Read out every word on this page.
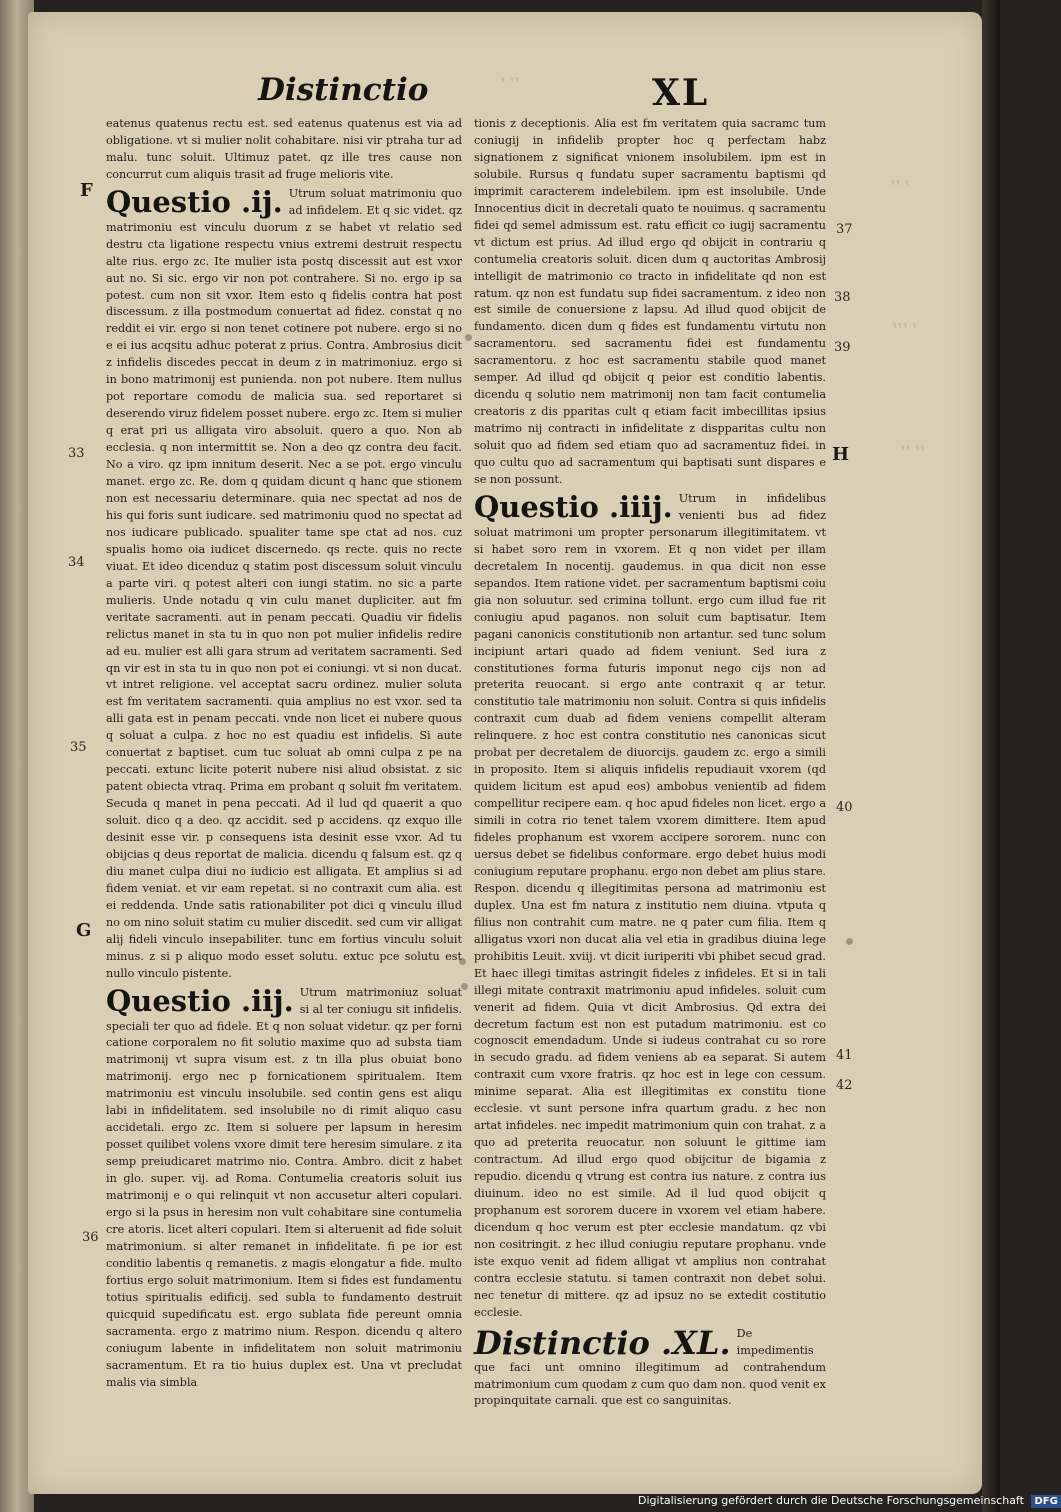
ꝛ ꝛꝛ
ꝛꝛ ꝛ
ꝛꝛꝛ ꝛ
ꝛꝛ ꝛꝛ
Distinctio	XL
F
33
34
35
G
36
37
38
39
H
40
41
42

eatenus quatenus rectu est. sed eatenus quatenus est via ad obligatione. vt si mulier nolit cohabitare. nisi vir ptraha tur ad malu. tunc soluit. Ultimuz patet. qz ille tres cause non concurrut cum aliquis trasit ad fruge melioris vite.

Questio .ij. Utrum soluat matrimoniu quo ad infidelem. Et q sic videt. qz matrimoniu est vinculu duorum z se habet vt relatio sed destru cta ligatione respectu vnius extremi destruit respectu alte rius. ergo zc. Ite mulier ista postq discessit aut est vxor aut no. Si sic. ergo vir non pot contrahere. Si no. ergo ip sa potest. cum non sit vxor. Item esto q fidelis contra hat post discessum. z illa postmodum conuertat ad fidez. constat q no reddit ei vir. ergo si non tenet cotinere pot nubere. ergo si no e ei ius acqsitu adhuc poterat z prius. Contra. Ambrosius dicit z infidelis discedes peccat in deum z in matrimoniuz. ergo si in bono matrimonij est punienda. non pot nubere. Item nullus pot reportare comodu de malicia sua. sed reportaret si deserendo viruz fidelem posset nubere. ergo zc. Item si mulier q erat pri us alligata viro absoluit. quero a quo. Non ab ecclesia. q non intermittit se. Non a deo qz contra deu facit. No a viro. qz ipm innitum deserit. Nec a se pot. ergo vinculu manet. ergo zc. Re. dom q quidam dicunt q hanc que stionem non est necessariu determinare. quia nec spectat ad nos de his qui foris sunt iudicare. sed matrimoniu quod no spectat ad nos iudicare publicado. spualiter tame spe ctat ad nos. cuz spualis homo oia iudicet discernedo. qs recte. quis no recte viuat. Et ideo dicenduz q statim post discessum soluit vinculu a parte viri. q potest alteri con iungi statim. no sic a parte mulieris. Unde notadu q vin culu manet dupliciter. aut fm veritate sacramenti. aut in penam peccati. Quadiu vir fidelis relictus manet in sta tu in quo non pot mulier infidelis redire ad eu. mulier est alli gara strum ad veritatem sacramenti. Sed qn vir est in sta tu in quo non pot ei coniungi. vt si non ducat. vt intret religione. vel acceptat sacru ordinez. mulier soluta est fm veritatem sacramenti. quia amplius no est vxor. sed ta alli gata est in penam peccati. vnde non licet ei nubere quous q soluat a culpa. z hoc no est quadiu est infidelis. Si aute conuertat z baptiset. cum tuc soluat ab omni culpa z pe na peccati. extunc licite poterit nubere nisi aliud obsistat. z sic patent obiecta vtraq. Prima em probant q soluit fm veritatem. Secuda q manet in pena peccati. Ad il lud qd quaerit a quo soluit. dico q a deo. qz accidit. sed p accidens. qz exquo ille desinit esse vir. p consequens ista desinit esse vxor. Ad tu obijcias q deus reportat de malicia. dicendu q falsum est. qz q diu manet culpa diui no iudicio est alligata. Et amplius si ad fidem veniat. et vir eam repetat. si no contraxit cum alia. est ei reddenda. Unde satis rationabiliter pot dici q vinculu illud no om nino soluit statim cu mulier discedit. sed cum vir alligat alij fideli vinculo insepabiliter. tunc em fortius vinculu soluit minus. z si p aliquo modo esset solutu. extuc pce solutu est nullo vinculo pistente.
Questio .iij. Utrum matrimoniuz soluat si al ter coniugu sit infidelis. speciali ter quo ad fidele. Et q non soluat videtur. qz per forni catione corporalem no fit solutio maxime quo ad substa tiam matrimonij vt supra visum est. z tn illa plus obuiat bono matrimonij. ergo nec p fornicationem spiritualem. Item matrimoniu est vinculu insolubile. sed contin gens est aliqu labi in infidelitatem. sed insolubile no di rimit aliquo casu accidetali. ergo zc. Item si soluere per lapsum in heresim posset quilibet volens vxore dimit tere heresim simulare. z ita semp preiudicaret matrimo nio. Contra. Ambro. dicit z habet in glo. super. vij. ad Roma. Contumelia creatoris soluit ius matrimonij e o qui relinquit vt non accusetur alteri copulari. ergo si la psus in heresim non vult cohabitare sine contumelia cre atoris. licet alteri copulari. Item si alteruenit ad fide soluit matrimonium. si alter remanet in infidelitate. fi pe ior est conditio labentis q remanetis. z magis elongatur a fide. multo fortius ergo soluit matrimonium. Item si fides est fundamentu totius spiritualis edificij. sed subla to fundamento destruit quicquid supedificatu est. ergo sublata fide pereunt omnia sacramenta. ergo z matrimo nium. Respon. dicendu q altero coniugum labente in infidelitatem non soluit matrimoniu sacramentum. Et ra tio huius duplex est. Una vt precludat malis via simbla

tionis z deceptionis. Alia est fm veritatem quia sacramc tum coniugij in infidelib propter hoc q perfectam habz signationem z significat vnionem insolubilem. ipm est in solubile. Rursus q fundatu super sacramentu baptismi qd imprimit caracterem indelebilem. ipm est insolubile. Unde Innocentius dicit in decretali quato te nouimus. q sacramentu fidei qd semel admissum est. ratu efficit co iugij sacramentu vt dictum est prius. Ad illud ergo qd obijcit in contrariu q contumelia creatoris soluit. dicen dum q auctoritas Ambrosij intelligit de matrimonio co tracto in infidelitate qd non est ratum. qz non est fundatu sup fidei sacramentum. z ideo non est simile de conuersione z lapsu. Ad illud quod obijcit de fundamento. dicen dum q fides est fundamentu virtutu non sacramentoru. sed sacramentu fidei est fundamentu sacramentoru. z hoc est sacramentu stabile quod manet semper. Ad illud qd obijcit q peior est conditio labentis. dicendu q solutio nem matrimonij non tam facit contumelia creatoris z dis pparitas cult q etiam facit imbecillitas ipsius matrimo nij contracti in infidelitate z dispparitas cultu non soluit quo ad fidem sed etiam quo ad sacramentuz fidei. in quo cultu quo ad sacramentum qui baptisati sunt dispares e se non possunt.

Questio .iiij. Utrum in infidelibus venienti bus ad fidez soluat matrimoni um propter personarum illegitimitatem. vt si habet soro rem in vxorem. Et q non videt per illam decretalem In nocentij. gaudemus. in qua dicit non esse sepandos. Item ratione videt. per sacramentum baptismi coiu gia non soluutur. sed crimina tollunt. ergo cum illud fue rit coniugiu apud paganos. non soluit cum baptisatur. Item pagani canonicis constitutionib non artantur. sed tunc solum incipiunt artari quado ad fidem veniunt. Sed iura z constitutiones forma futuris imponut nego cijs non ad preterita reuocant. si ergo ante contraxit q ar tetur. constitutio tale matrimoniu non soluit. Contra si quis infidelis contraxit cum duab ad fidem veniens compellit alteram relinquere. z hoc est contra constitutio nes canonicas sicut probat per decretalem de diuorcijs. gaudem zc. ergo a simili in proposito. Item si aliquis infidelis repudiauit vxorem (qd quidem licitum est apud eos) ambobus venientib ad fidem compellitur recipere eam. q hoc apud fideles non licet. ergo a simili in cotra rio tenet talem vxorem dimittere. Item apud fideles prophanum est vxorem accipere sororem. nunc con uersus debet se fidelibus conformare. ergo debet huius modi coniugium reputare prophanu. ergo non debet am plius stare. Respon. dicendu q illegitimitas persona ad matrimoniu est duplex. Una est fm natura z institutio nem diuina. vtputa q filius non contrahit cum matre. ne q pater cum filia. Item q alligatus vxori non ducat alia vel etia in gradibus diuina lege prohibitis Leuit. xviij. vt dicit iuriperiti vbi phibet secud grad. Et haec illegi timitas astringit fideles z infideles. Et si in tali illegi mitate contraxit matrimoniu apud infideles. soluit cum venerit ad fidem. Quia vt dicit Ambrosius. Qd extra dei decretum factum est non est putadum matrimoniu. est co cognoscit emendadum. Unde si iudeus contrahat cu so rore in secudo gradu. ad fidem veniens ab ea separat. Si autem contraxit cum vxore fratris. qz hoc est in lege con cessum. minime separat. Alia est illegitimitas ex constitu tione ecclesie. vt sunt persone infra quartum gradu. z hec non artat infideles. nec impedit matrimonium quin con trahat. z a quo ad preterita reuocatur. non soluunt le gittime iam contractum. Ad illud ergo quod obijcitur de bigamia z repudio. dicendu q vtrung est contra ius nature. z contra ius diuinum. ideo no est simile. Ad il lud quod obijcit q prophanum est sororem ducere in vxorem vel etiam habere. dicendum q hoc verum est pter ecclesie mandatum. qz vbi non cositringit. z hec illud coniugiu reputare prophanu. vnde iste exquo venit ad fidem alligat vt amplius non contrahat contra ecclesie statutu. si tamen contraxit non debet solui. nec tenetur di mittere. qz ad ipsuz no se extedit costitutio ecclesie.
Distinctio .XL. De impedimentis que faci unt omnino illegitimum ad contrahendum matrimonium cum quodam z cum quo dam non. quod venit ex propinquitate carnali. que est co sanguinitas.
Digitalisierung gefördert durch die Deutsche Forschungsgemeinschaft DFG
